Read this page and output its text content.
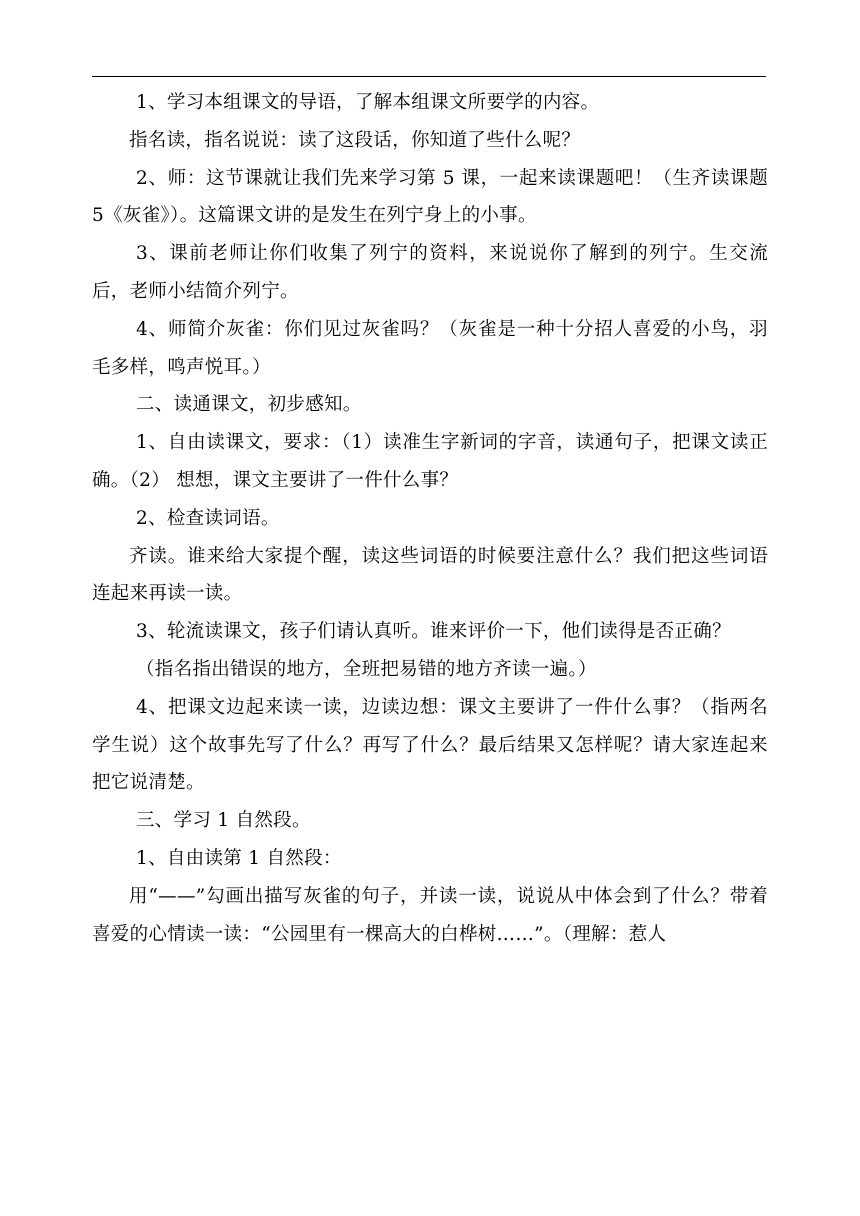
1、学习本组课文的导语，了解本组课文所要学的内容。

指名读，指名说说：读了这段话，你知道了些什么呢？

2、师：这节课就让我们先来学习第 5 课，一起来读课题吧！（生齐读课题 5《灰雀》）。这篇课文讲的是发生在列宁身上的小事。

3、课前老师让你们收集了列宁的资料，来说说你了解到的列宁。生交流后，老师小结简介列宁。

4、师简介灰雀：你们见过灰雀吗？（灰雀是一种十分招人喜爱的小鸟，羽毛多样，鸣声悦耳。）

二、读通课文，初步感知。

1、自由读课文，要求：（1）读准生字新词的字音，读通句子，把课文读正确。（2） 想想，课文主要讲了一件什么事？

2、检查读词语。

齐读。谁来给大家提个醒，读这些词语的时候要注意什么？我们把这些词语连起来再读一读。

3、轮流读课文，孩子们请认真听。谁来评价一下，他们读得是否正确？

（指名指出错误的地方，全班把易错的地方齐读一遍。）

4、把课文边起来读一读，边读边想：课文主要讲了一件什么事？（指两名学生说）这个故事先写了什么？再写了什么？最后结果又怎样呢？请大家连起来把它说清楚。

三、学习 1 自然段。

1、自由读第 1 自然段：

用“——”勾画出描写灰雀的句子，并读一读，说说从中体会到了什么？带着喜爱的心情读一读：“公园里有一棵高大的白桦树……”。（理解：惹人
